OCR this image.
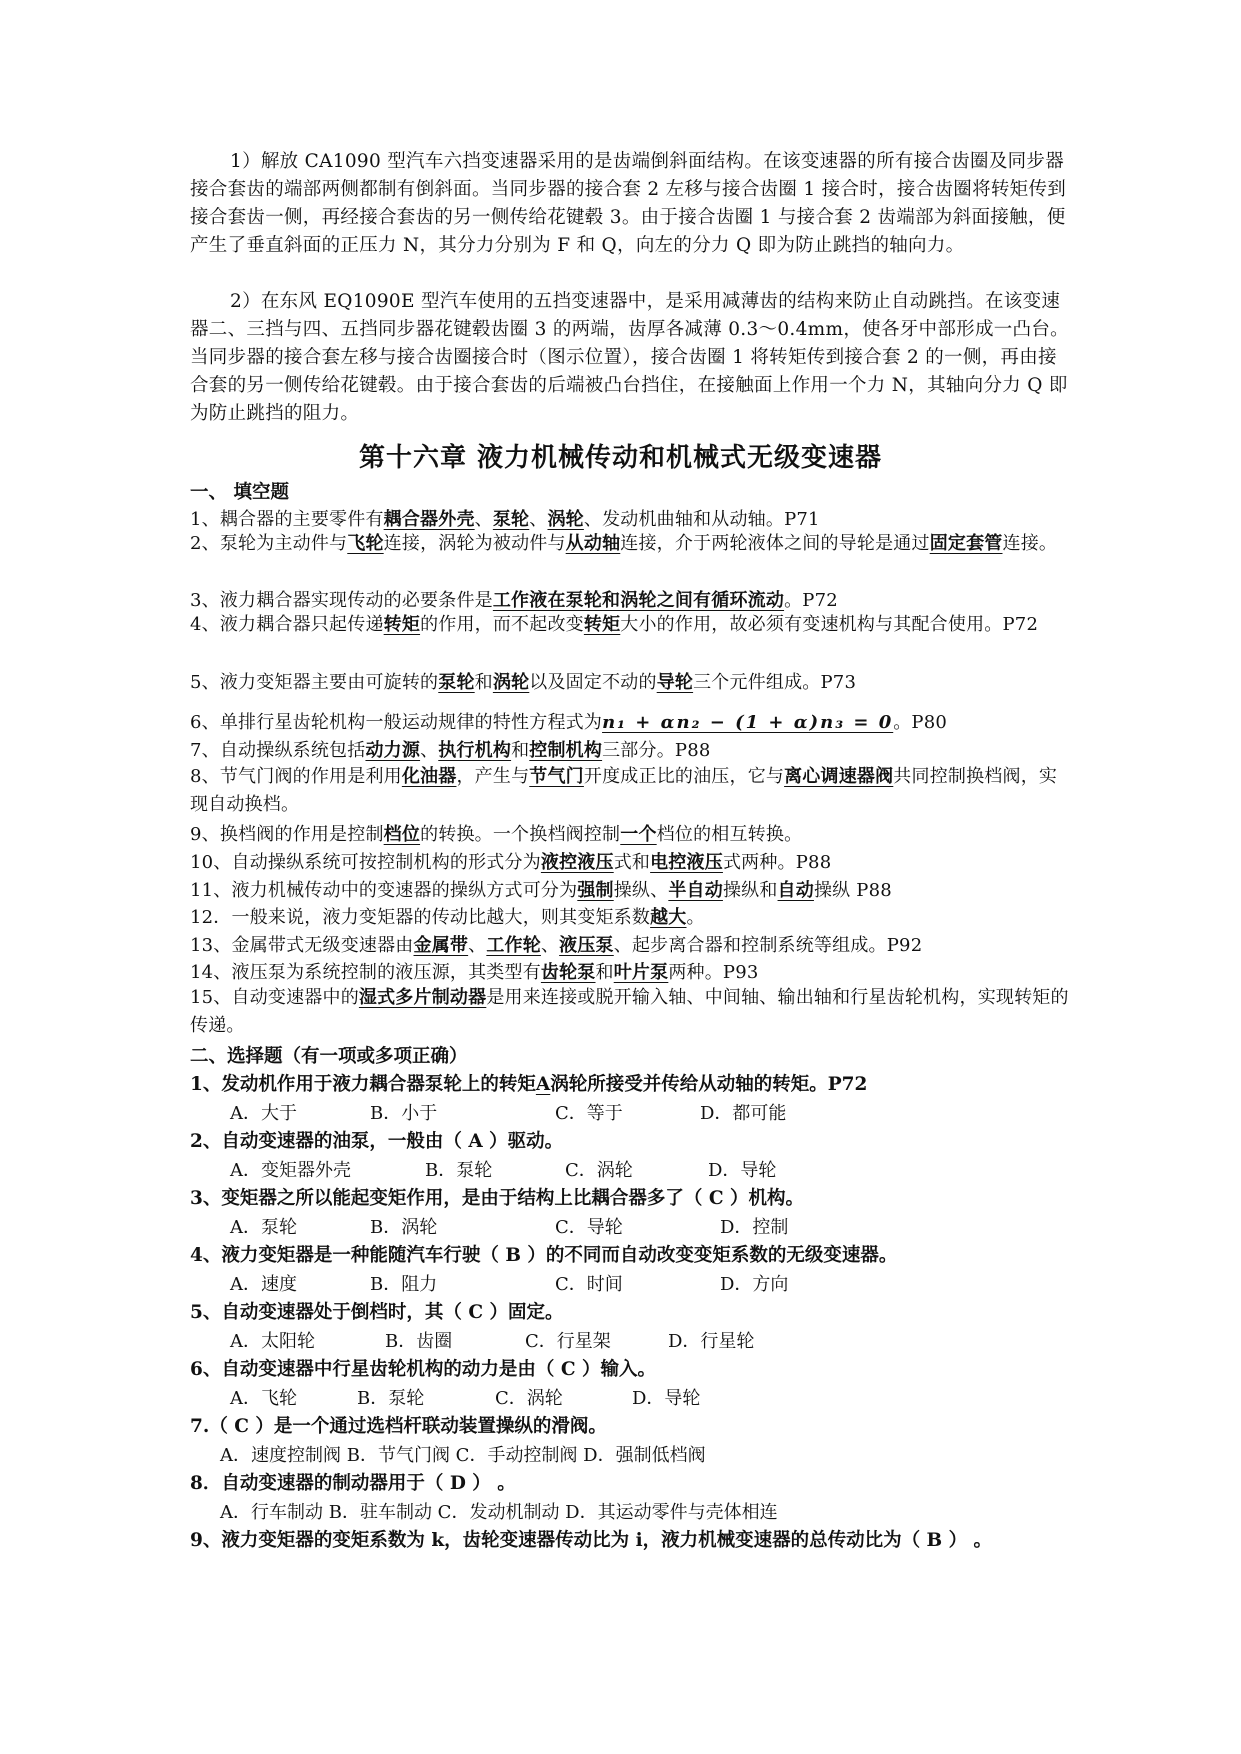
1）解放 CA1090 型汽车六挡变速器采用的是齿端倒斜面结构。在该变速器的所有接合齿圈及同步器接合套齿的端部两侧都制有倒斜面。当同步器的接合套 2 左移与接合齿圈 1 接合时，接合齿圈将转矩传到接合套齿一侧，再经接合套齿的另一侧传给花键毂 3。由于接合齿圈 1 与接合套 2 齿端部为斜面接触，便产生了垂直斜面的正压力 N，其分力分别为 F 和 Q，向左的分力 Q 即为防止跳挡的轴向力。
2）在东风 EQ1090E 型汽车使用的五挡变速器中，是采用减薄齿的结构来防止自动跳挡。在该变速器二、三挡与四、五挡同步器花键毂齿圈 3 的两端，齿厚各减薄 0.3～0.4mm，使各牙中部形成一凸台。当同步器的接合套左移与接合齿圈接合时（图示位置），接合齿圈 1 将转矩传到接合套 2 的一侧，再由接合套的另一侧传给花键毂。由于接合套齿的后端被凸台挡住，在接触面上作用一个力 N，其轴向分力 Q 即为防止跳挡的阻力。
第十六章 液力机械传动和机械式无级变速器
一、 填空题
1、耦合器的主要零件有耦合器外壳、泵轮、涡轮、发动机曲轴和从动轴。P71
2、泵轮为主动件与飞轮连接，涡轮为被动件与从动轴连接，介于两轮液体之间的导轮是通过固定套管连接。
3、液力耦合器实现传动的必要条件是工作液在泵轮和涡轮之间有循环流动。P72
4、液力耦合器只起传递转矩的作用，而不起改变转矩大小的作用，故必须有变速机构与其配合使用。P72
5、液力变矩器主要由可旋转的泵轮和涡轮以及固定不动的导轮三个元件组成。P73
6、单排行星齿轮机构一般运动规律的特性方程式为n₁ + αn₂ − (1 + α)n₃ = 0。P80
7、自动操纵系统包括动力源、执行机构和控制机构三部分。P88
8、节气门阀的作用是利用化油器，产生与节气门开度成正比的油压，它与离心调速器阀共同控制换档阀，实现自动换档。
9、换档阀的作用是控制档位的转换。一个换档阀控制一个档位的相互转换。
10、自动操纵系统可按控制机构的形式分为液控液压式和电控液压式两种。P88
11、液力机械传动中的变速器的操纵方式可分为强制操纵、半自动操纵和自动操纵 P88
12．一般来说，液力变矩器的传动比越大，则其变矩系数越大。
13、金属带式无级变速器由金属带、工作轮、液压泵、起步离合器和控制系统等组成。P92
14、液压泵为系统控制的液压源，其类型有齿轮泵和叶片泵两种。P93
15、自动变速器中的湿式多片制动器是用来连接或脱开输入轴、中间轴、输出轴和行星齿轮机构，实现转矩的传递。
二、选择题（有一项或多项正确）
1、发动机作用于液力耦合器泵轮上的转矩A涡轮所接受并传给从动轴的转矩。P72
A．大于	B．小于	C．等于	D．都可能
2、自动变速器的油泵，一般由（ A ）驱动。
A．变矩器外壳	B．泵轮	C．涡轮	D．导轮
3、变矩器之所以能起变矩作用，是由于结构上比耦合器多了（ C ）机构。
A．泵轮	B．涡轮	C．导轮	D．控制
4、液力变矩器是一种能随汽车行驶（ B ）的不同而自动改变变矩系数的无级变速器。
A．速度	B．阻力	C．时间	D．方向
5、自动变速器处于倒档时，其（ C ）固定。
A．太阳轮	B．齿圈	C．行星架	D．行星轮
6、自动变速器中行星齿轮机构的动力是由（ C ）输入。
A．飞轮	B．泵轮	C．涡轮	D．导轮
7.（ C ）是一个通过选档杆联动装置操纵的滑阀。
A．速度控制阀 B．节气门阀 C．手动控制阀 D．强制低档阀
8．自动变速器的制动器用于（ D ） 。
A．行车制动 B．驻车制动 C．发动机制动 D．其运动零件与壳体相连
9、液力变矩器的变矩系数为 k，齿轮变速器传动比为 i，液力机械变速器的总传动比为（ B ） 。
